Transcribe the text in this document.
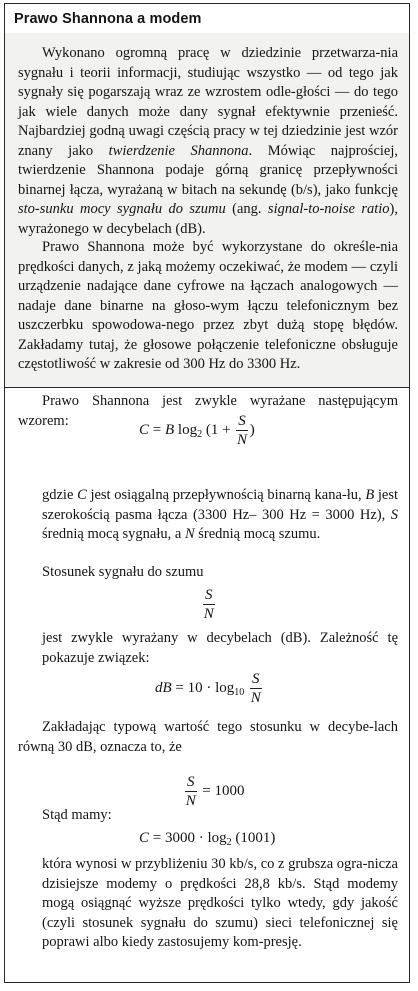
Prawo Shannona a modem

Wykonano ogromną pracę w dziedzinie przetwarza-nia sygnału i teorii informacji, studiując wszystko — od tego jak sygnały się pogarszają wraz ze wzrostem odle-głości — do tego jak wiele danych może dany sygnał efektywnie przenieść. Najbardziej godną uwagi częścią pracy w tej dziedzinie jest wzór znany jako twierdzenie Shannona. Mówiąc najprościej, twierdzenie Shannona podaje górną granicę przepływności binarnej łącza, wyrażaną w bitach na sekundę (b/s), jako funkcję sto-sunku mocy sygnału do szumu (ang. signal-to-noise ratio), wyrażonego w decybelach (dB).

Prawo Shannona może być wykorzystane do określe-nia prędkości danych, z jaką możemy oczekiwać, że modem — czyli urządzenie nadające dane cyfrowe na łączach analogowych — nadaje dane binarne na głoso-wym łączu telefonicznym bez uszczerbku spowodowa-nego przez zbyt dużą stopę błędów. Zakładamy tutaj, że głosowe połączenie telefoniczne obsługuje częstotliwość w zakresie od 300 Hz do 3300 Hz.

Prawo Shannona jest zwykle wyrażane następującym wzorem:

C = B $\log_2 (1 + \frac{S}{N}$ )

gdzie C jest osiągalną przepływnością binarną kana-łu, B jest szerokością pasma łącza (3300 Hz– 300 Hz = 3000 Hz), S średnią mocą sygnału, a N średnią mocą szumu.

Stosunek sygnału do szumu

$\frac{S}{N}$

jest zwykle wyrażany w decybelach (dB). Zależność tę pokazuje związek:

dB = $10 \cdot \log_{10} \frac{S}{N}$

Zakładając typową wartość tego stosunku w decybe-lach równą 30 dB, oznacza to, że

$\frac{S}{N} = 1000$

Stąd mamy:

$C = 3000 \cdot \log_2 (1001)$

która wynosi w przybliżeniu 30 kb/s, co z grubsza ogra-nicza dzisiejsze modemy o prędkości 28,8 kb/s. Stąd modemy mogą osiągnąć wyższe prędkości tylko wtedy, gdy jakość (czyli stosunek sygnału do szumu) sieci telefonicznej się poprawi albo kiedy zastosujemy kom-presję.
